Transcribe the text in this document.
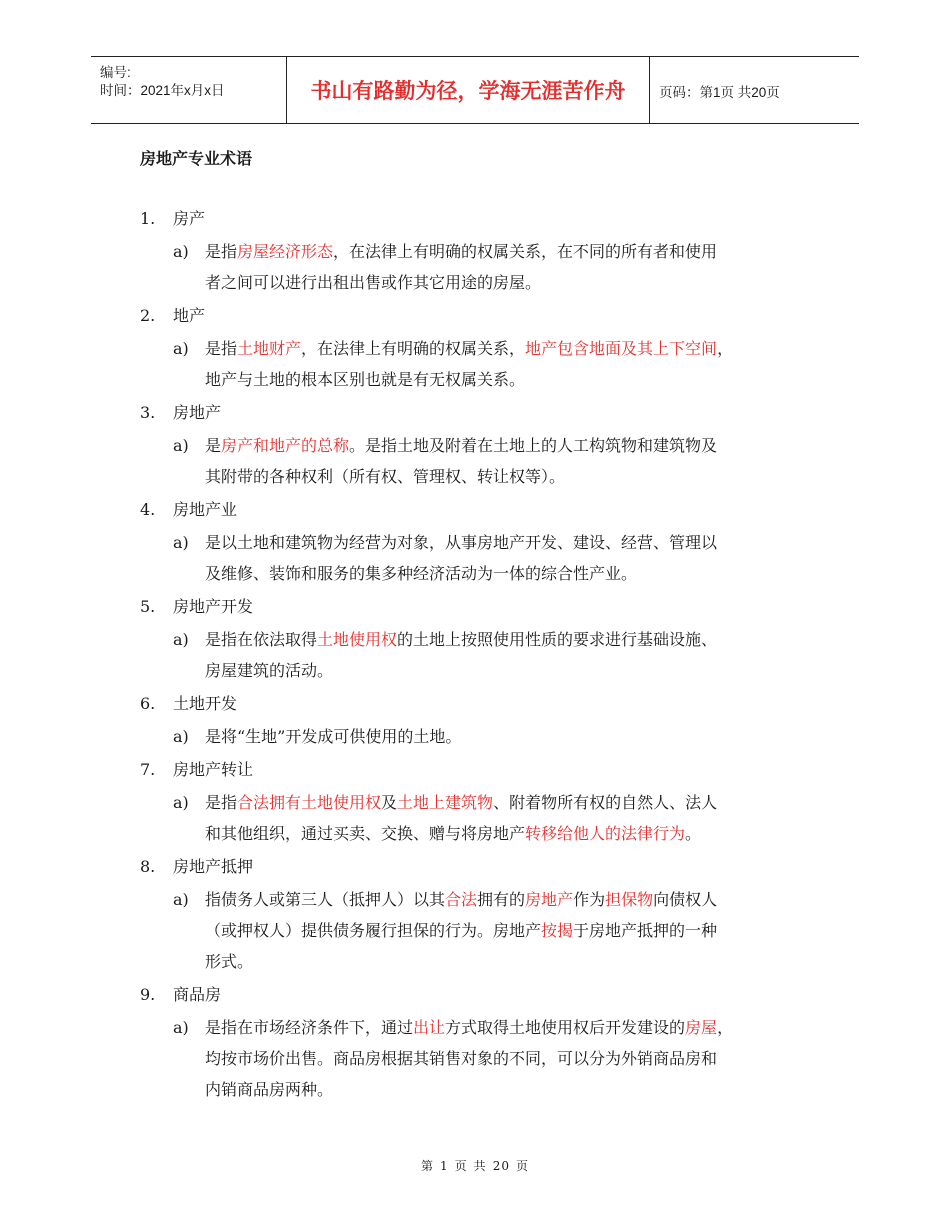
编号:
时间：2021年x月x日	书山有路勤为径，学海无涯苦作舟	页码：第1页 共20页
房地产专业术语
1. 房产
a) 是指房屋经济形态，在法律上有明确的权属关系，在不同的所有者和使用
者之间可以进行出租出售或作其它用途的房屋。
2. 地产
a) 是指土地财产，在法律上有明确的权属关系，地产包含地面及其上下空间，
地产与土地的根本区别也就是有无权属关系。
3. 房地产
a) 是房产和地产的总称。是指土地及附着在土地上的人工构筑物和建筑物及
其附带的各种权利（所有权、管理权、转让权等）。
4. 房地产业
a) 是以土地和建筑物为经营为对象，从事房地产开发、建设、经营、管理以
及维修、装饰和服务的集多种经济活动为一体的综合性产业。
5. 房地产开发
a) 是指在依法取得土地使用权的土地上按照使用性质的要求进行基础设施、
房屋建筑的活动。
6. 土地开发
a) 是将“生地”开发成可供使用的土地。
7. 房地产转让
a) 是指合法拥有土地使用权及土地上建筑物、附着物所有权的自然人、法人
和其他组织，通过买卖、交换、赠与将房地产转移给他人的法律行为。
8. 房地产抵押
a) 指债务人或第三人（抵押人）以其合法拥有的房地产作为担保物向债权人
（或押权人）提供债务履行担保的行为。房地产按揭于房地产抵押的一种
形式。
9. 商品房
a) 是指在市场经济条件下，通过出让方式取得土地使用权后开发建设的房屋，
均按市场价出售。商品房根据其销售对象的不同，可以分为外销商品房和
内销商品房两种。
第 1 页 共 20 页
